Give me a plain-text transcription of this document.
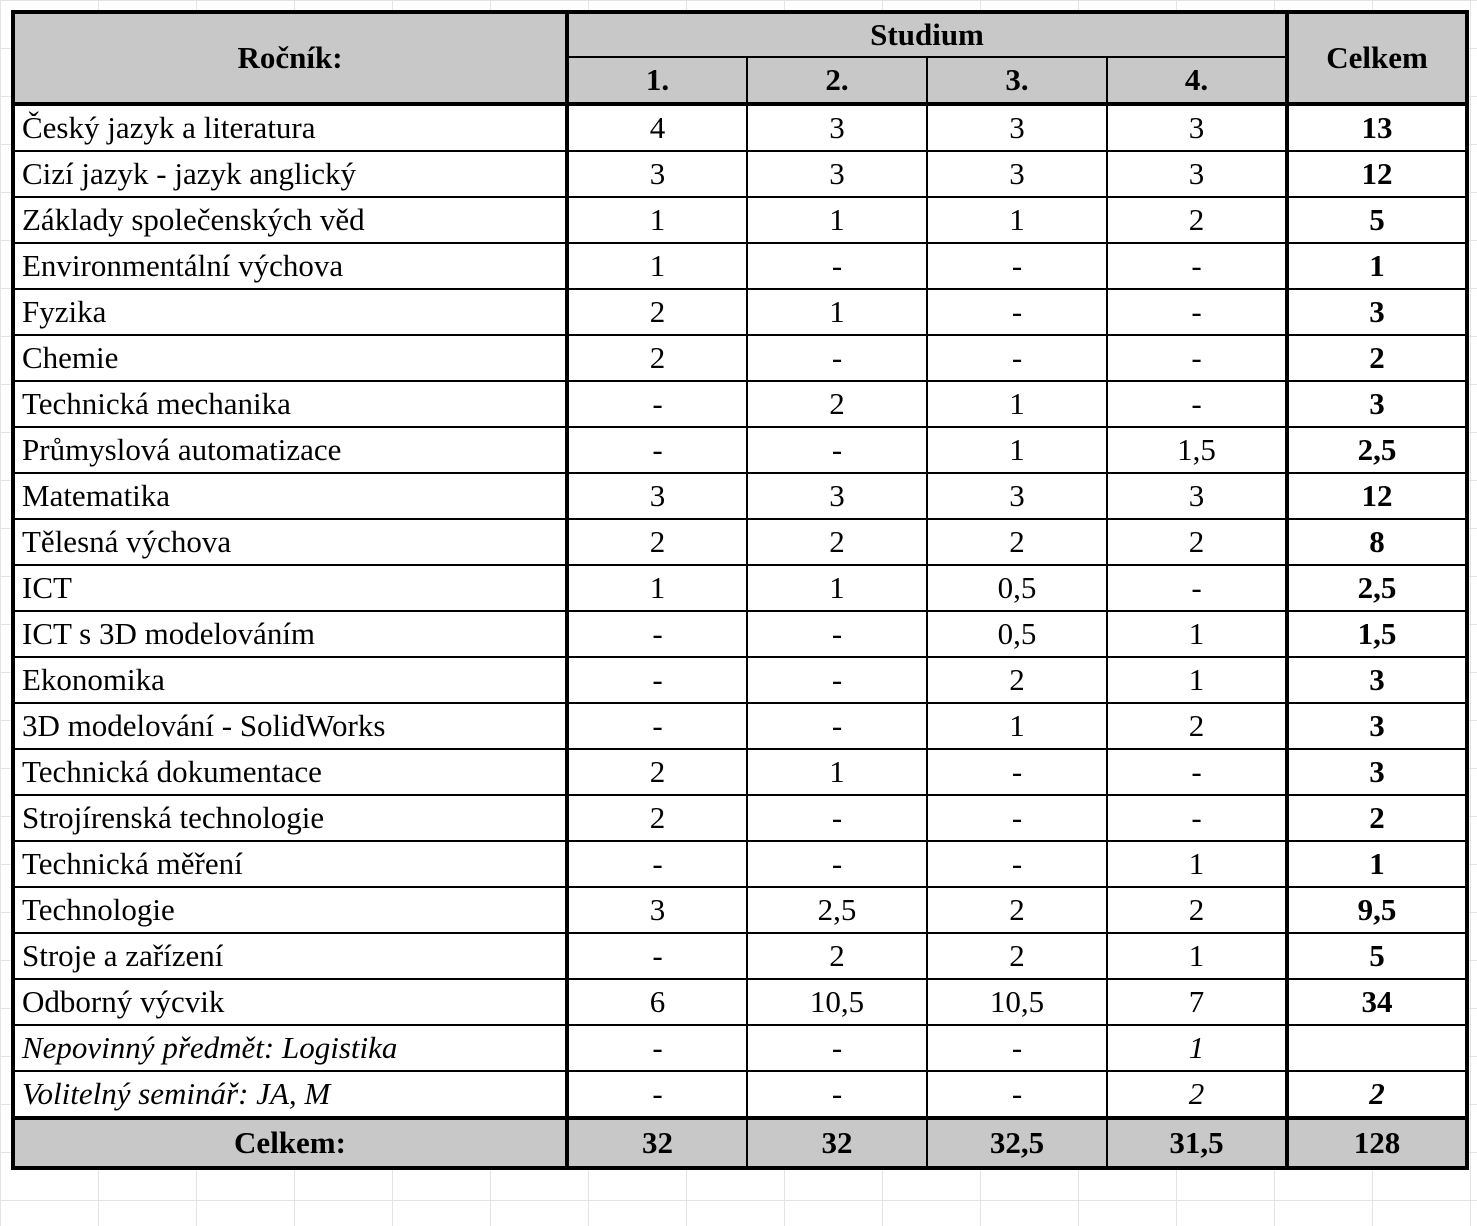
Ročník:	Studium				Celkem
	1.	2.	3.	4.	
Český jazyk a literatura	4	3	3	3	13
Cizí jazyk - jazyk anglický	3	3	3	3	12
Základy společenských věd	1	1	1	2	5
Environmentální výchova	1	-	-	-	1
Fyzika	2	1	-	-	3
Chemie	2	-	-	-	2
Technická mechanika	-	2	1	-	3
Průmyslová automatizace	-	-	1	1,5	2,5
Matematika	3	3	3	3	12
Tělesná výchova	2	2	2	2	8
ICT	1	1	0,5	-	2,5
ICT s 3D modelováním	-	-	0,5	1	1,5
Ekonomika	-	-	2	1	3
3D modelování - SolidWorks	-	-	1	2	3
Technická dokumentace	2	1	-	-	3
Strojírenská technologie	2	-	-	-	2
Technická měření	-	-	-	1	1
Technologie	3	2,5	2	2	9,5
Stroje a zařízení	-	2	2	1	5
Odborný výcvik	6	10,5	10,5	7	34
Nepovinný předmět: Logistika	-	-	-	1	
Volitelný seminář: JA, M	-	-	-	2	2
Celkem:	32	32	32,5	31,5	128
